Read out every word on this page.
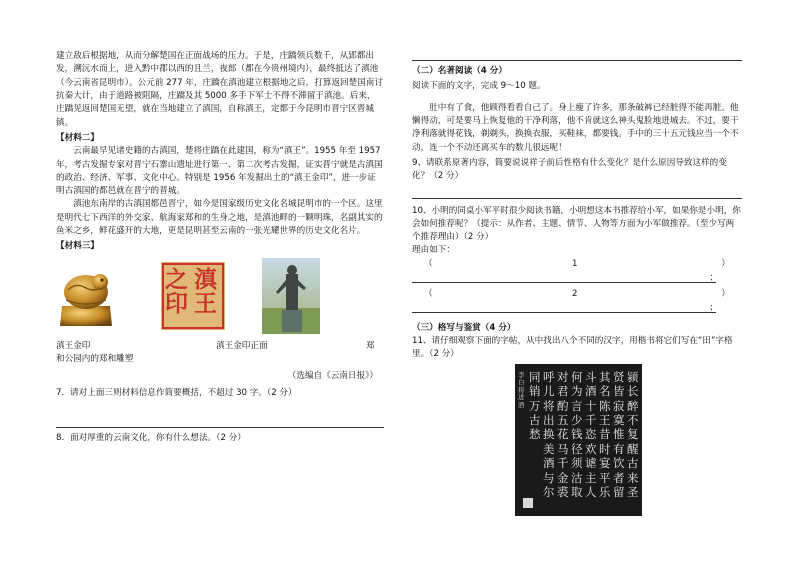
建立敌后根据地，从而分解楚国在正面战场的压力。于是，庄蹻领兵数千，从郢都出发，溯沅水而上，进入黔中郡以西的且兰，夜郎（都在今贵州境内），最终抵达了滇池（今云南省昆明市）。公元前 277 年，庄蹻在滇池建立根据地之后，打算返回楚国南讨抗秦大计，由于道路被阻隔，庄蹻及其 5000 多手下军士不得不滞留于滇池。后来，庄蹻见返回楚国无望，就在当地建立了滇国，自称滇王，定都于今昆明市晋宁区晋城镇。

【材料二】

云南最早见诸史籍的古滇国，楚将庄蹻在此建国，称为“滇王”。1955 年至 1957 年，考古发掘专家对晋宁石寨山遗址进行第一、第二次考古发掘，证实晋宁就是古滇国的政治、经济、军事、文化中心。特别是 1956 年发掘出土的“滇王金印”，进一步证明古滇国的都邑就在晋宁的晋城。

滇池东南岸的古滇国都邑晋宁，如今是国家级历史文化名城昆明市的一个区。这里是明代七下西洋的外交家、航海家郑和的生身之地，是滇池畔的一颗明珠，名副其实的鱼米之乡，鲜花盛开的大地，更是昆明甚至云南的一张光耀世界的历史文化名片。

【材料三】

滇王之印
滇王金印	滇王金印正面	郑

和公园内的郑和雕塑

（选编自《云南日报》）

7．请对上面三则材料信息作简要概括，不超过 30 字。（2 分）

8．面对厚重的云南文化，你有什么想法。（2 分）

（二）名著阅读（4 分）

阅读下面的文字，完成 9～10 题。

肚中有了食，他顾得看看自己了。身上瘦了许多，那条破裤已经脏得不能再脏。他懒得动，可是要马上恢复他的干净利落，他不肯就这么神头鬼脸地进城去。不过，要干净利落就得花钱，剃剃头，换换衣服，买鞋袜，都要钱。手中的三十五元钱应当一个不动，连一个不动还离买车的数儿很远呢！

9、请联系原著内容，简要说说祥子前后性格有什么变化？是什么原因导致这样的变化？（2 分）

10、小明的同桌小军平时很少阅读书籍，小明想这本书推荐给小军，如果你是小明，你会如何推荐呢？（提示：从作者、主题、情节、人物等方面为小军做推荐。（至少写两个推荐理由）（2 分）

理由如下：

（	1	）
；
（	2	）
；

（三）格写与鉴赏（4 分）

11、请仔细观察下面的字帖，从中找出八个不同的汉字，用楷书将它们写在“田”字格里。（2 分）

颍长醉不复醒古来圣
贤皆寂寞惟有饮者留
其名陈王昔时宴平乐
斗酒十千恣欢谑主人
何为言少钱径须沽取
对君酌五花马千金裘
呼儿将出换美酒与尔
同销万古愁
李白将进酒
